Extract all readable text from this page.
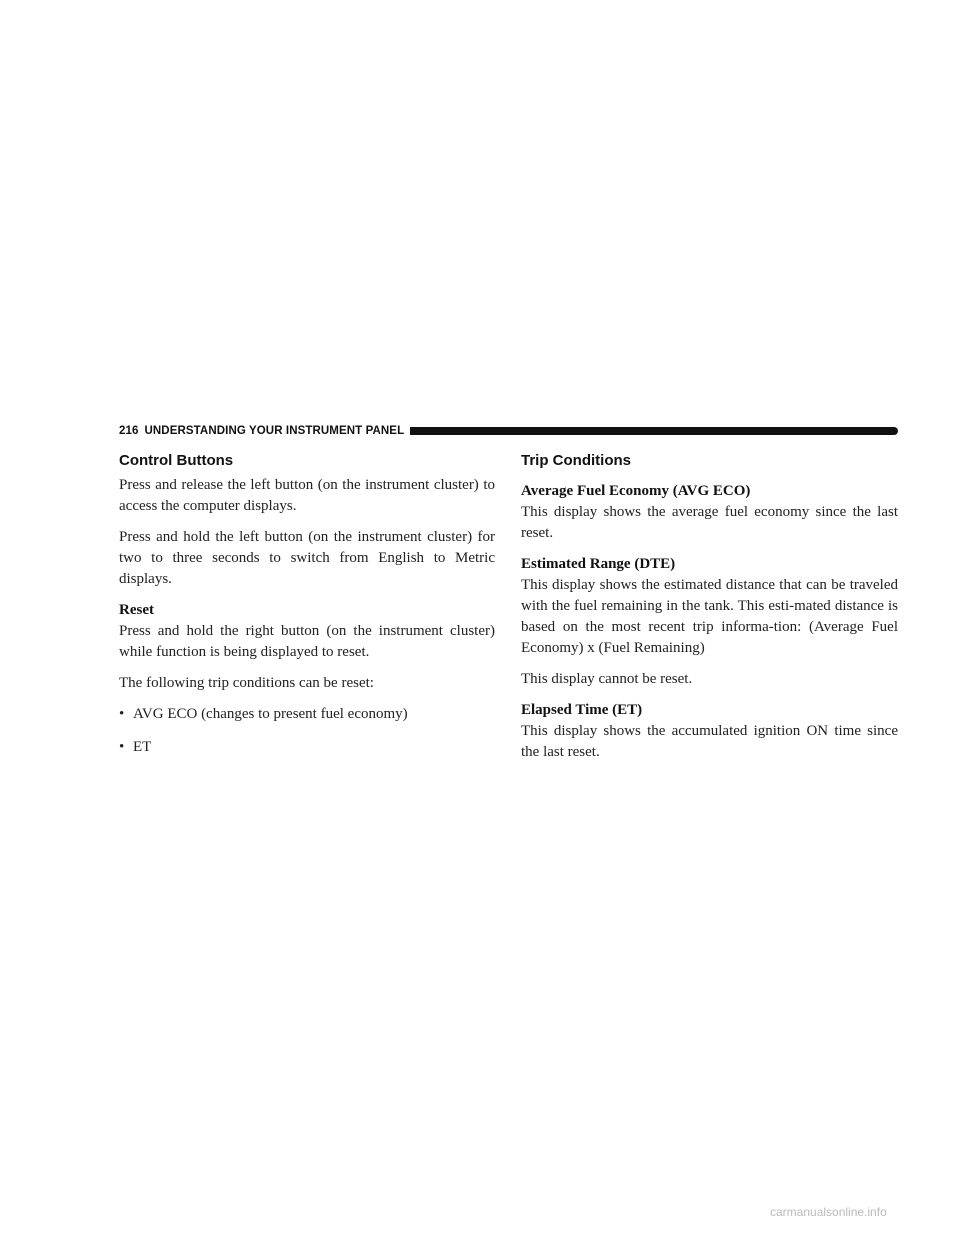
216 UNDERSTANDING YOUR INSTRUMENT PANEL
Control Buttons

Press and release the left button (on the instrument cluster) to access the computer displays.

Press and hold the left button (on the instrument cluster) for two to three seconds to switch from English to Metric displays.

Reset

Press and hold the right button (on the instrument cluster) while function is being displayed to reset.

The following trip conditions can be reset:

• AVG ECO (changes to present fuel economy)
• ET
Trip Conditions
Average Fuel Economy (AVG ECO)

This display shows the average fuel economy since the last reset.

Estimated Range (DTE)

This display shows the estimated distance that can be traveled with the fuel remaining in the tank. This esti-mated distance is based on the most recent trip informa-tion: (Average Fuel Economy) x (Fuel Remaining)

This display cannot be reset.

Elapsed Time (ET)

This display shows the accumulated ignition ON time since the last reset.

carmanualsonline.info
